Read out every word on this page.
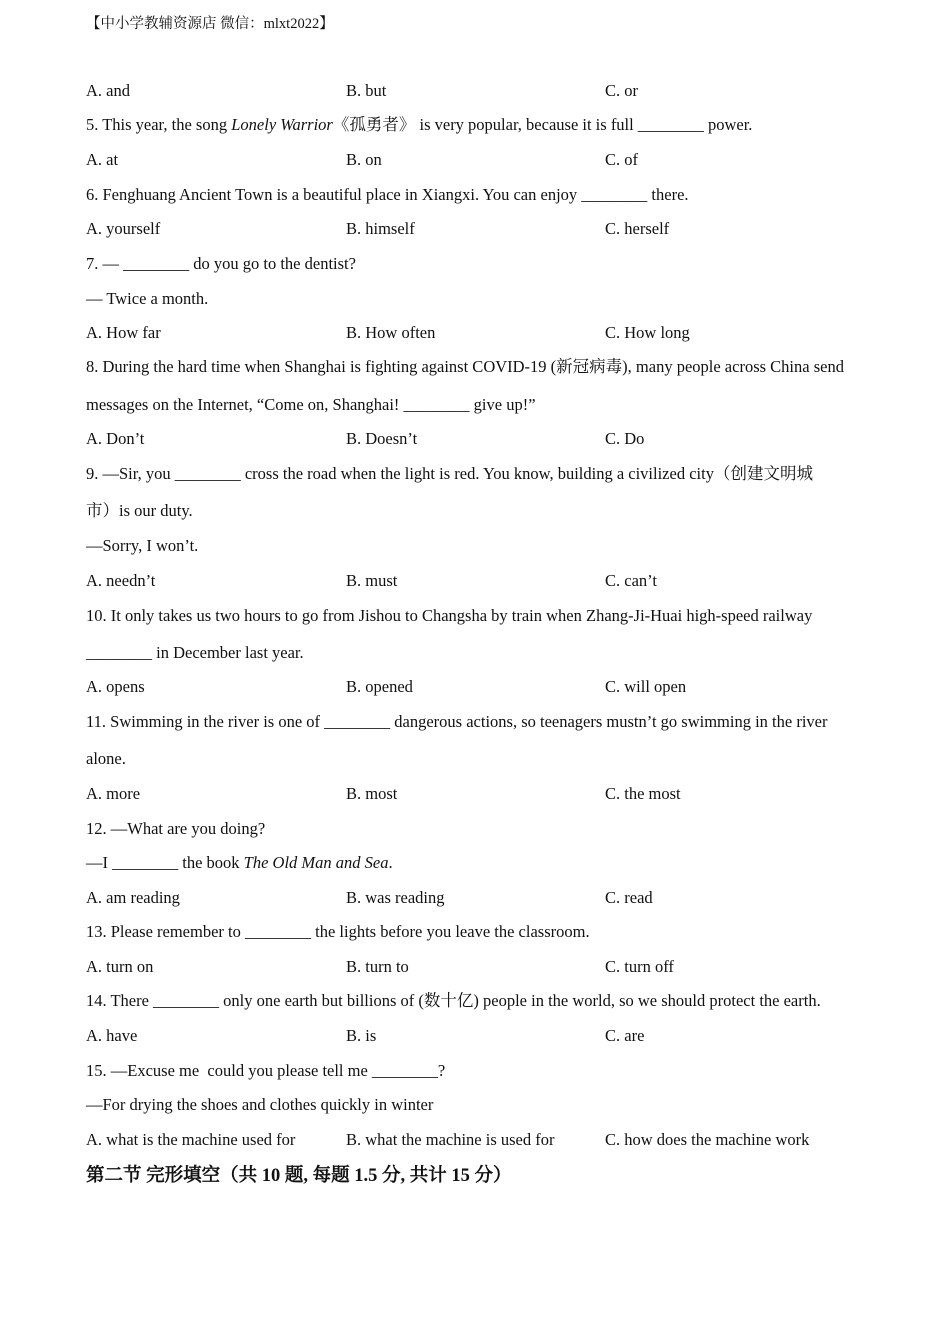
【中小学教辅资源店 微信：mlxt2022】
A. and	B. but	C. or
5. This year, the song Lonely Warrior《孤勇者》 is very popular, because it is full ________ power.
A. at	B. on	C. of
6. Fenghuang Ancient Town is a beautiful place in Xiangxi. You can enjoy ________ there.
A. yourself	B. himself	C. herself
7. — ________ do you go to the dentist?
— Twice a month.
A. How far	B. How often	C. How long
8. During the hard time when Shanghai is fighting against COVID-19 (新冠病毒), many people across China send
messages on the Internet, “Come on, Shanghai! ________ give up!”
A. Don’t	B. Doesn’t	C. Do
9. —Sir, you ________ cross the road when the light is red. You know, building a civilized city（创建文明城
市）is our duty.
—Sorry, I won’t.
A. needn’t	B. must	C. can’t
10. It only takes us two hours to go from Jishou to Changsha by train when Zhang-Ji-Huai high-speed railway
________ in December last year.
A. opens	B. opened	C. will open
11. Swimming in the river is one of ________ dangerous actions, so teenagers mustn’t go swimming in the river
alone.
A. more	B. most	C. the most
12. —What are you doing?
—I ________ the book The Old Man and Sea.
A. am reading	B. was reading	C. read
13. Please remember to ________ the lights before you leave the classroom.
A. turn on	B. turn to	C. turn off
14. There ________ only one earth but billions of (数十亿) people in the world, so we should protect the earth.
A. have	B. is	C. are
15. —Excuse me  could you please tell me ________?
—For drying the shoes and clothes quickly in winter
A. what is the machine used for	B. what the machine is used for	C. how does the machine work
第二节 完形填空（共 10 题, 每题 1.5 分, 共计 15 分）
